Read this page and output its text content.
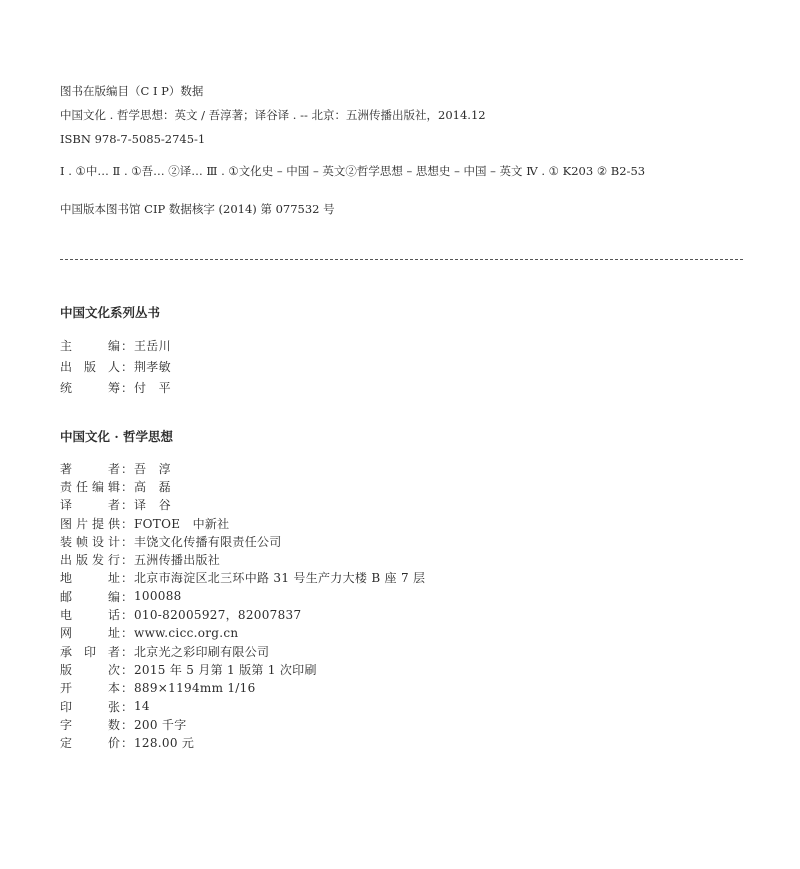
图书在版编目（C I P）数据

中国文化 . 哲学思想：英文 / 吾淳著；译谷译 . -- 北京：五洲传播出版社，2014.12

ISBN 978-7-5085-2745-1

Ⅰ . ①中… Ⅱ . ①吾… ②译… Ⅲ . ①文化史 – 中国 – 英文②哲学思想 – 思想史 – 中国 – 英文 Ⅳ . ① K203 ② B2-53

中国版本图书馆 CIP 数据核字 (2014) 第 077532 号

中国文化系列丛书

主	编 ： 王岳川
出 版 人 ： 荆孝敏
统	筹 ： 付　平

中国文化 · 哲学思想

著	者 ： 吾　淳
责 任 编 辑 ： 高　磊
译	者 ： 译　谷
图 片 提 供 ： FOTOE　中新社
装 帧 设 计 ： 丰饶文化传播有限责任公司
出 版 发 行 ： 五洲传播出版社
地	址 ： 北京市海淀区北三环中路 31 号生产力大楼 B 座 7 层
邮	编 ： 100088
电	话 ： 010-82005927，82007837
网	址 ： www.cicc.org.cn
承 印 者 ： 北京光之彩印刷有限公司
版	次 ： 2015 年 5 月第 1 版第 1 次印刷
开	本 ： 889×1194mm 1/16
印	张 ： 14
字	数 ： 200 千字
定	价 ： 128.00 元
